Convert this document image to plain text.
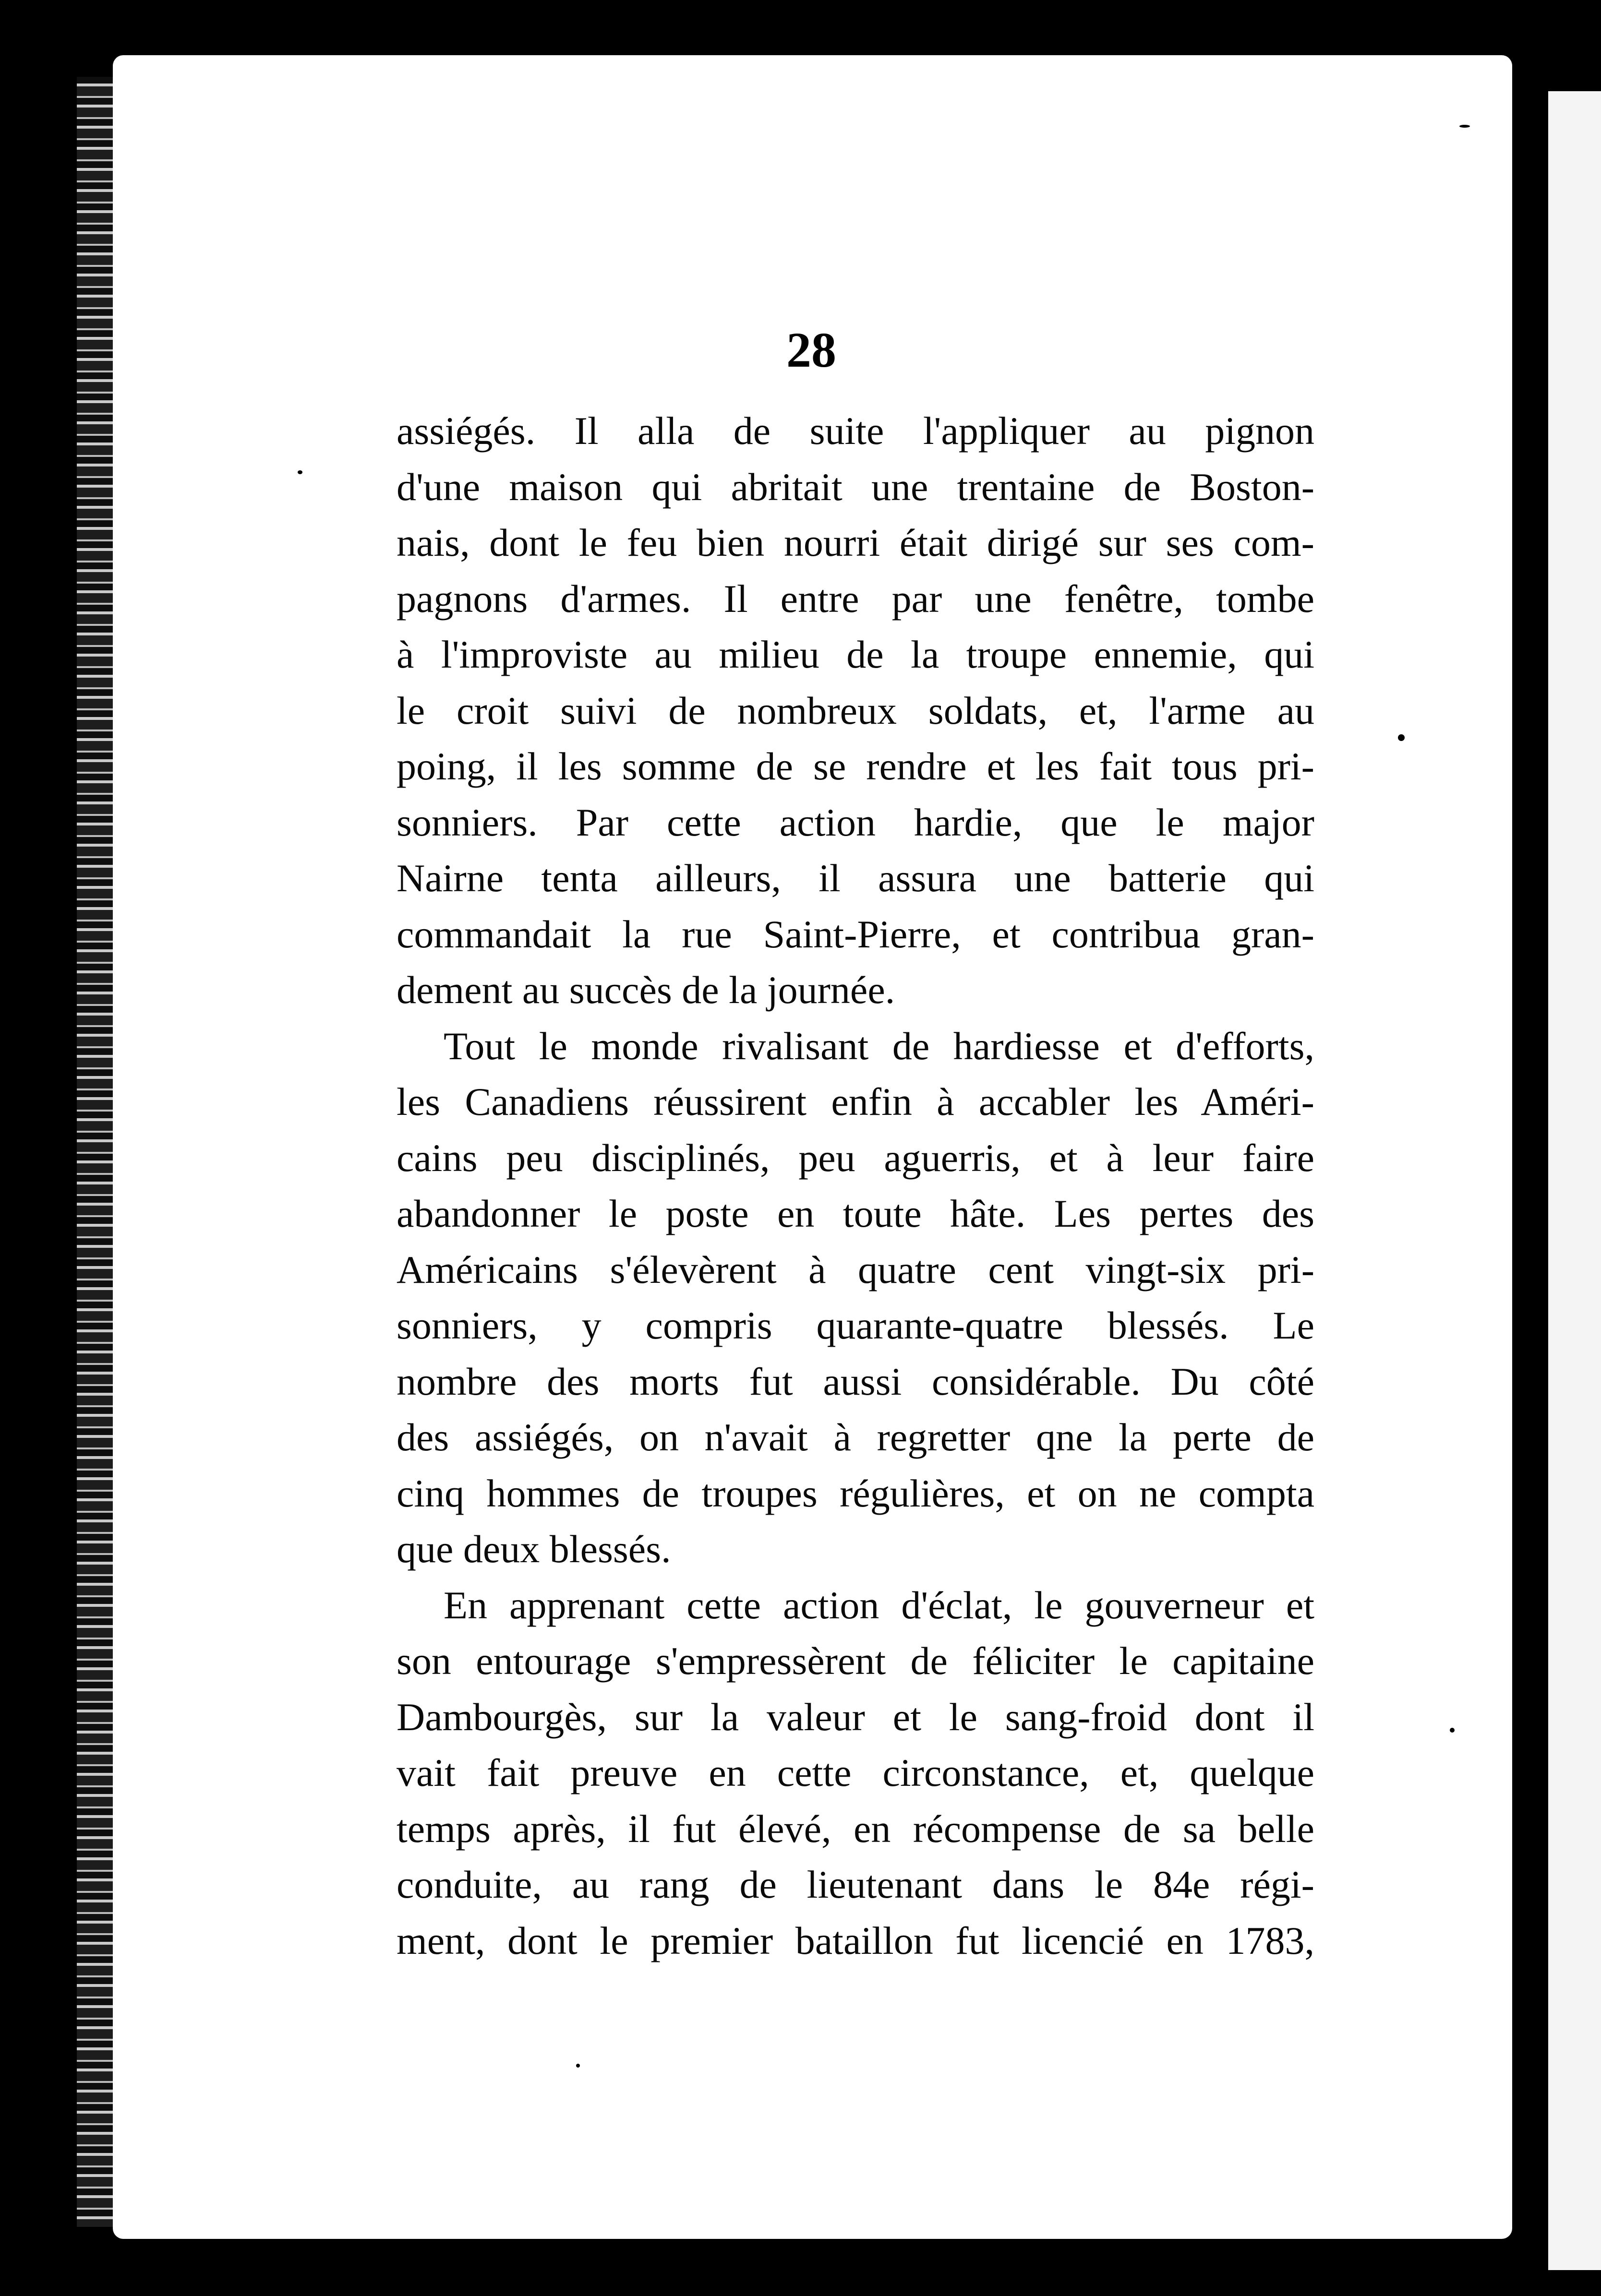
28
assiégés. Il alla de suite l'appliquer au pignon
d'une maison qui abritait une trentaine de Boston-
nais, dont le feu bien nourri était dirigé sur ses com-
pagnons d'armes. Il entre par une fenêtre, tombe
à l'improviste au milieu de la troupe ennemie, qui
le croit suivi de nombreux soldats, et, l'arme au
poing, il les somme de se rendre et les fait tous pri-
sonniers. Par cette action hardie, que le major
Nairne tenta ailleurs, il assura une batterie qui
commandait la rue Saint-Pierre, et contribua gran-
dement au succès de la journée.
Tout le monde rivalisant de hardiesse et d'efforts,
les Canadiens réussirent enfin à accabler les Améri-
cains peu disciplinés, peu aguerris, et à leur faire
abandonner le poste en toute hâte. Les pertes des
Américains s'élevèrent à quatre cent vingt-six pri-
sonniers, y compris quarante-quatre blessés. Le
nombre des morts fut aussi considérable. Du côté
des assiégés, on n'avait à regretter qne la perte de
cinq hommes de troupes régulières, et on ne compta
que deux blessés.
En apprenant cette action d'éclat, le gouverneur et
son entourage s'empressèrent de féliciter le capitaine
Dambourgès, sur la valeur et le sang-froid dont il
vait fait preuve en cette circonstance, et, quelque
temps après, il fut élevé, en récompense de sa belle
conduite, au rang de lieutenant dans le 84e régi-
ment, dont le premier bataillon fut licencié en 1783,
